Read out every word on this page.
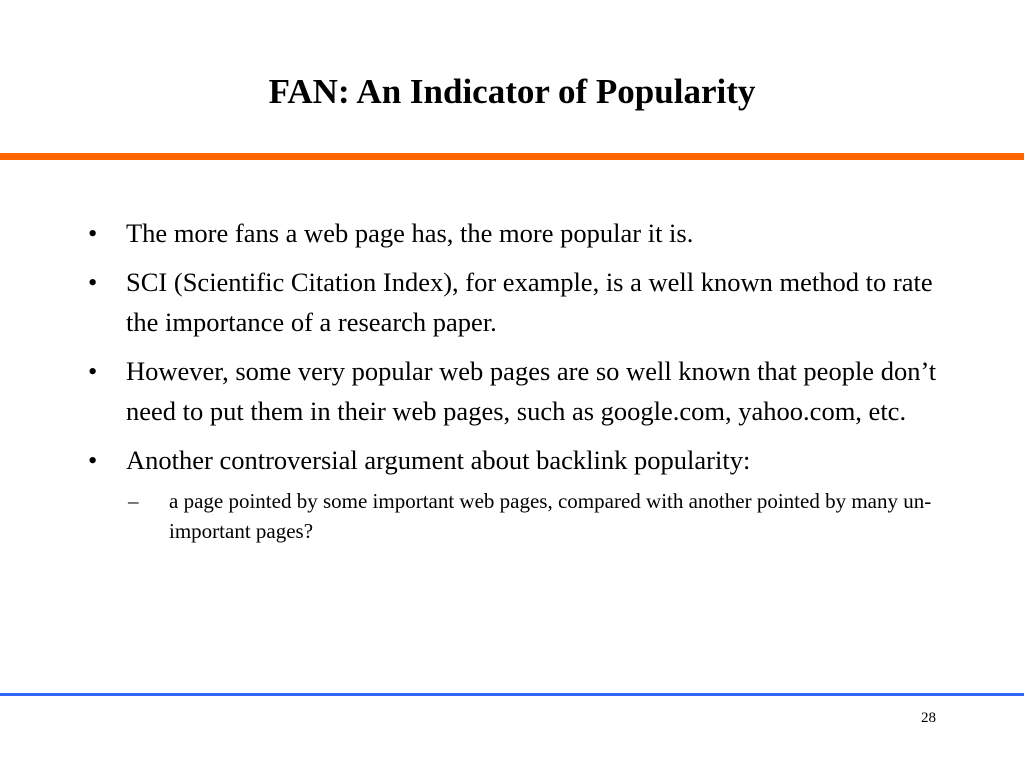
FAN: An Indicator of Popularity
• The more fans a web page has, the more popular it is.
• SCI (Scientific Citation Index), for example, is a well known method to rate the importance of a research paper.
• However, some very popular web pages are so well known that people don’t need to put them in their web pages, such as google.com, yahoo.com, etc.
• Another controversial argument about backlink popularity:
– a page pointed by some important web pages, compared with another pointed by many un-important pages?
28
